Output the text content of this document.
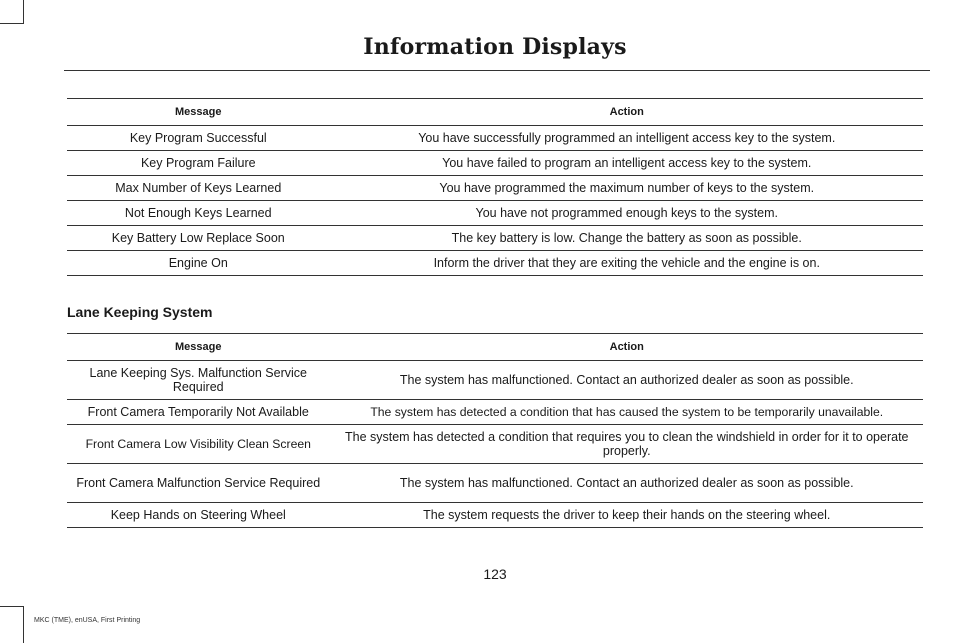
Information Displays
Message	Action
Key Program Successful	You have successfully programmed an intelligent access key to the system.
Key Program Failure	You have failed to program an intelligent access key to the system.
Max Number of Keys Learned	You have programmed the maximum number of keys to the system.
Not Enough Keys Learned	You have not programmed enough keys to the system.
Key Battery Low Replace Soon	The key battery is low. Change the battery as soon as possible.
Engine On	Inform the driver that they are exiting the vehicle and the engine is on.
Lane Keeping System
Message	Action
Lane Keeping Sys. Malfunction Service Required	The system has malfunctioned. Contact an authorized dealer as soon as possible.
Front Camera Temporarily Not Available	The system has detected a condition that has caused the system to be temporarily unavailable.
Front Camera Low Visibility Clean Screen	The system has detected a condition that requires you to clean the windshield in order for it to operate properly.
Front Camera Malfunction Service Required	The system has malfunctioned. Contact an authorized dealer as soon as possible.
Keep Hands on Steering Wheel	The system requests the driver to keep their hands on the steering wheel.
123
MKC (TME), enUSA, First Printing
